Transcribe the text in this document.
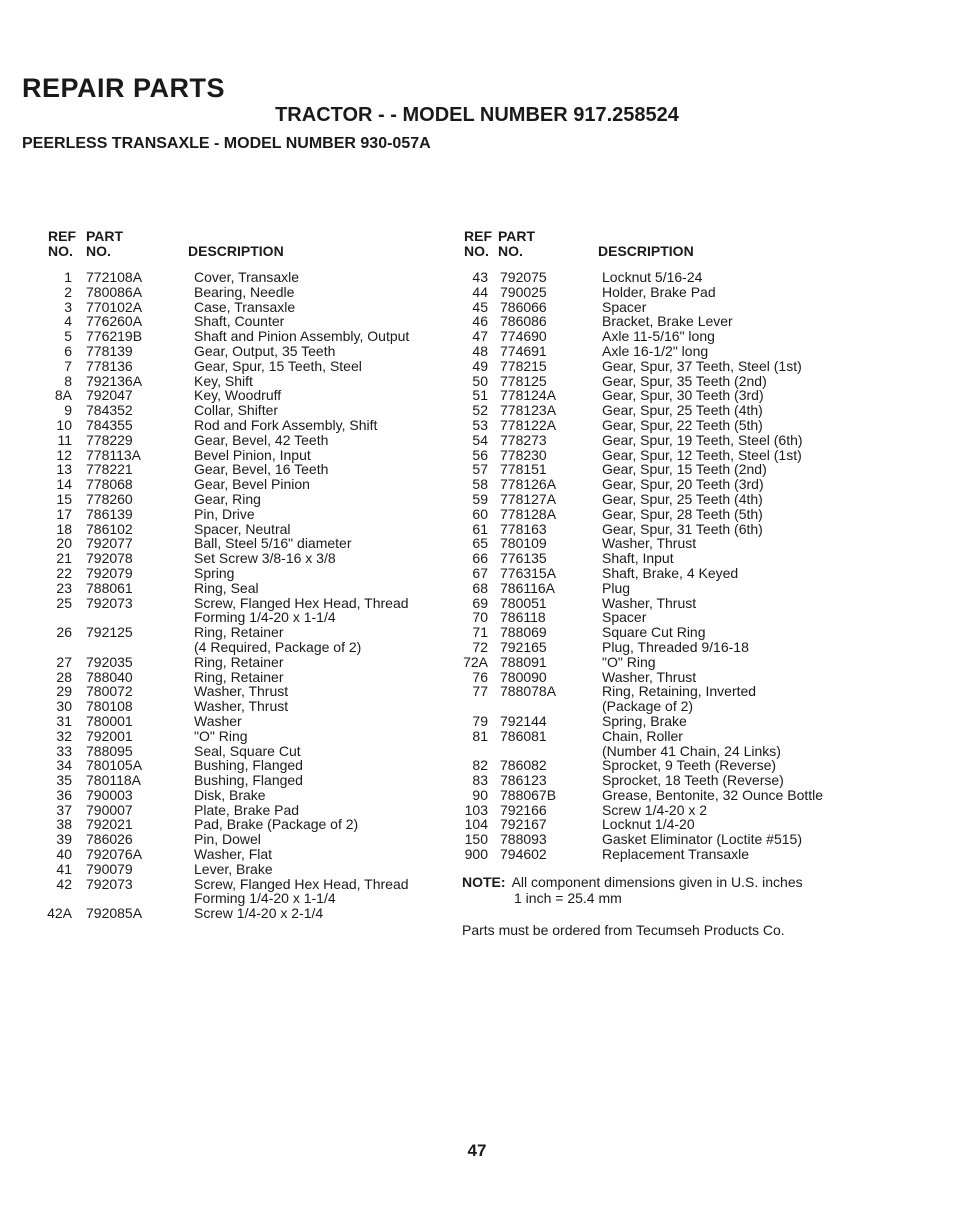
REPAIR PARTS
TRACTOR - - MODEL NUMBER 917.258524
PEERLESS TRANSAXLE - MODEL NUMBER 930-057A
REF
NO.
PART
NO.	DESCRIPTION
1	772108A	Cover, Transaxle
2	780086A	Bearing, Needle
3	770102A	Case, Transaxle
4	776260A	Shaft, Counter
5	776219B	Shaft and Pinion Assembly, Output
6	778139	Gear, Output, 35 Teeth
7	778136	Gear, Spur, 15 Teeth, Steel
8	792136A	Key, Shift
8A	792047	Key, Woodruff
9	784352	Collar, Shifter
10	784355	Rod and Fork Assembly, Shift
11	778229	Gear, Bevel, 42 Teeth
12	778113A	Bevel Pinion, Input
13	778221	Gear, Bevel, 16 Teeth
14	778068	Gear, Bevel Pinion
15	778260	Gear, Ring
17	786139	Pin, Drive
18	786102	Spacer, Neutral
20	792077	Ball, Steel 5/16" diameter
21	792078	Set Screw 3/8-16 x 3/8
22	792079	Spring
23	788061	Ring, Seal
25	792073	Screw, Flanged Hex Head, Thread
Forming 1/4-20 x 1-1/4
26	792125	Ring, Retainer
(4 Required, Package of 2)
27	792035	Ring, Retainer
28	788040	Ring, Retainer
29	780072	Washer, Thrust
30	780108	Washer, Thrust
31	780001	Washer
32	792001	"O" Ring
33	788095	Seal, Square Cut
34	780105A	Bushing, Flanged
35	780118A	Bushing, Flanged
36	790003	Disk, Brake
37	790007	Plate, Brake Pad
38	792021	Pad, Brake (Package of 2)
39	786026	Pin, Dowel
40	792076A	Washer, Flat
41	790079	Lever, Brake
42	792073	Screw, Flanged Hex Head, Thread
Forming 1/4-20 x 1-1/4
42A	792085A	Screw 1/4-20 x 2-1/4
REF
NO.
PART
NO.	DESCRIPTION
43 792075	Locknut 5/16-24
44 790025	Holder, Brake Pad
45 786066	Spacer
46 786086	Bracket, Brake Lever
47 774690	Axle 11-5/16" long
48 774691	Axle 16-1/2" long
49 778215	Gear, Spur, 37 Teeth, Steel (1st)
50 778125	Gear, Spur, 35 Teeth (2nd)
51 778124A	Gear, Spur, 30 Teeth (3rd)
52 778123A	Gear, Spur, 25 Teeth (4th)
53 778122A	Gear, Spur, 22 Teeth (5th)
54 778273	Gear, Spur, 19 Teeth, Steel (6th)
56 778230	Gear, Spur, 12 Teeth, Steel (1st)
57 778151	Gear, Spur, 15 Teeth (2nd)
58 778126A	Gear, Spur, 20 Teeth (3rd)
59 778127A	Gear, Spur, 25 Teeth (4th)
60 778128A	Gear, Spur, 28 Teeth (5th)
61 778163	Gear, Spur, 31 Teeth (6th)
65 780109	Washer, Thrust
66 776135	Shaft, Input
67 776315A	Shaft, Brake, 4 Keyed
68 786116A	Plug
69 780051	Washer, Thrust
70 786118	Spacer
71 788069	Square Cut Ring
72 792165	Plug, Threaded 9/16-18
72A 788091	"O" Ring
76 780090	Washer, Thrust
77 788078A	Ring, Retaining, Inverted
(Package of 2)
79 792144	Spring, Brake
81 786081	Chain, Roller
(Number 41 Chain, 24 Links)
82 786082	Sprocket, 9 Teeth (Reverse)
83 786123	Sprocket, 18 Teeth (Reverse)
90 788067B	Grease, Bentonite, 32 Ounce Bottle
103 792166	Screw 1/4-20 x 2
104 792167	Locknut 1/4-20
150 788093	Gasket Eliminator (Loctite #515)
900 794602	Replacement Transaxle
NOTE: All component dimensions given in U.S. inches
1 inch = 25.4 mm
Parts must be ordered from Tecumseh Products Co.
47
